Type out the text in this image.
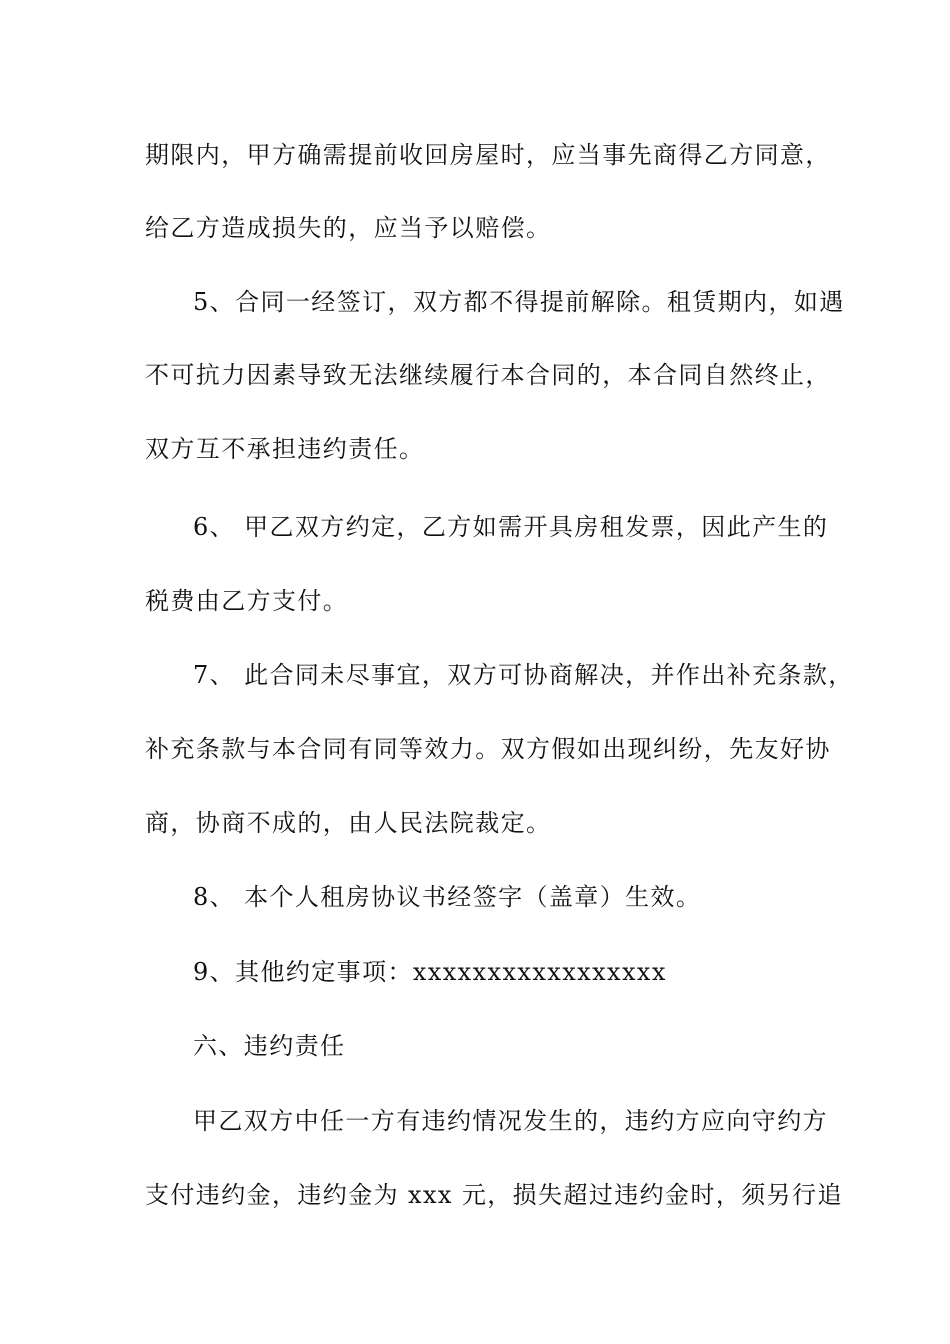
期限内，甲方确需提前收回房屋时，应当事先商得乙方同意，
给乙方造成损失的，应当予以赔偿。
5、合同一经签订，双方都不得提前解除。租赁期内，如遇
不可抗力因素导致无法继续履行本合同的，本合同自然终止，
双方互不承担违约责任。
6、 甲乙双方约定，乙方如需开具房租发票，因此产生的
税费由乙方支付。
7、 此合同未尽事宜，双方可协商解决，并作出补充条款，
补充条款与本合同有同等效力。双方假如出现纠纷，先友好协
商，协商不成的，由人民法院裁定。
8、 本个人租房协议书经签字（盖章）生效。
9、其他约定事项：xxxxxxxxxxxxxxxxx
六、违约责任
甲乙双方中任一方有违约情况发生的，违约方应向守约方
支付违约金，违约金为 xxx 元，损失超过违约金时，须另行追
